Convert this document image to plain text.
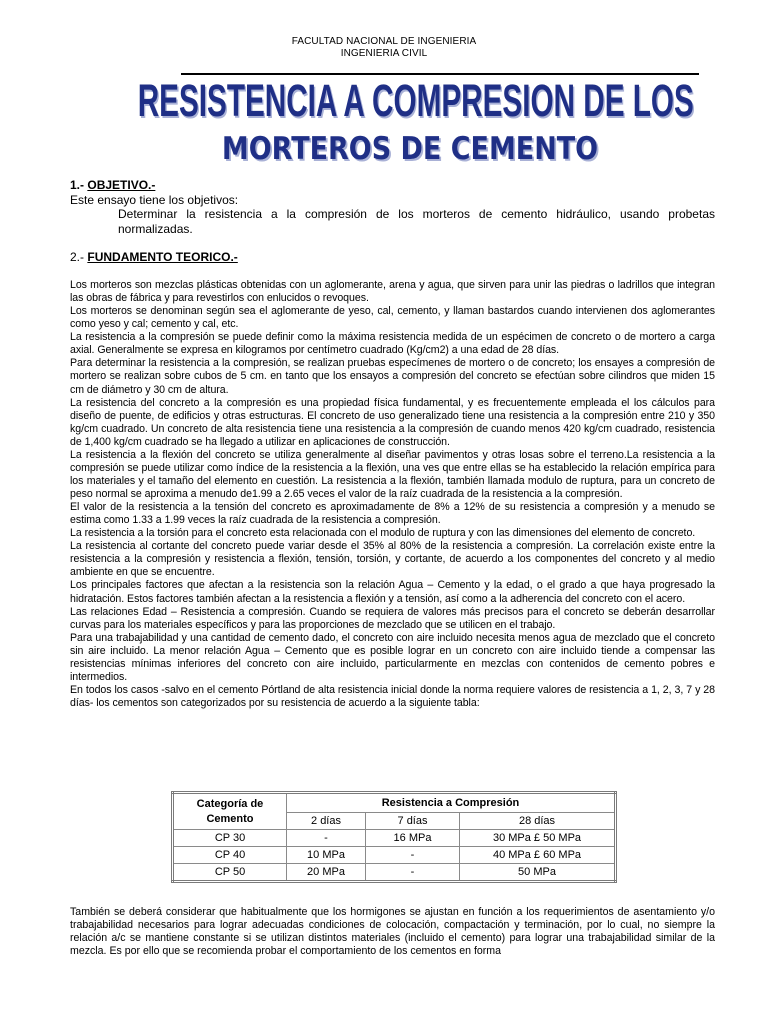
FACULTAD NACIONAL DE INGENIERIA
INGENIERIA CIVIL
RESISTENCIA A COMPRESION DE LOS
MORTEROS DE CEMENTO
1.- OBJETIVO.-
Este ensayo tiene los objetivos:
Determinar la resistencia a la compresión de los morteros de cemento hidráulico, usando probetas normalizadas.
2.- FUNDAMENTO TEORICO.-

Los morteros son mezclas plásticas obtenidas con un aglomerante, arena y agua, que sirven para unir las piedras o ladrillos que integran las obras de fábrica y para revestirlos con enlucidos o revoques.

Los morteros se denominan según sea el aglomerante de yeso, cal, cemento, y llaman bastardos cuando intervienen dos aglomerantes como yeso y cal; cemento y cal, etc.

La resistencia a la compresión se puede definir como la máxima resistencia medida de un espécimen de concreto o de mortero a carga axial. Generalmente se expresa en kilogramos por centímetro cuadrado (Kg/cm2) a una edad de 28 días.

Para determinar la resistencia a la compresión, se realizan pruebas especímenes de mortero o de concreto; los ensayes a compresión de mortero se realizan sobre cubos de 5 cm. en tanto que los ensayos a compresión del concreto se efectúan sobre cilindros que miden 15 cm de diámetro y 30 cm de altura.

La resistencia del concreto a la compresión es una propiedad física fundamental, y es frecuentemente empleada el los cálculos para diseño de puente, de edificios y otras estructuras. El concreto de uso generalizado tiene una resistencia a la compresión entre 210 y 350 kg/cm cuadrado. Un concreto de alta resistencia tiene una resistencia a la compresión de cuando menos 420 kg/cm cuadrado, resistencia de 1,400 kg/cm cuadrado se ha llegado a utilizar en aplicaciones de construcción.

La resistencia a la flexión del concreto se utiliza generalmente al diseñar pavimentos y otras losas sobre el terreno.La resistencia a la compresión se puede utilizar como índice de la resistencia a la flexión, una ves que entre ellas se ha establecido la relación empírica para los materiales y el tamaño del elemento en cuestión. La resistencia a la flexión, también llamada modulo de ruptura, para un concreto de peso normal se aproxima a menudo de1.99 a 2.65 veces el valor de la raíz cuadrada de la resistencia a la compresión.

El valor de la resistencia a la tensión del concreto es aproximadamente de 8% a 12% de su resistencia a compresión y a menudo se estima como 1.33 a 1.99 veces la raíz cuadrada de la resistencia a compresión.

La resistencia a la torsión para el concreto esta relacionada con el modulo de ruptura y con las dimensiones del elemento de concreto.

La resistencia al cortante del concreto puede variar desde el 35% al 80% de la resistencia a compresión. La correlación existe entre la resistencia a la compresión y resistencia a flexión, tensión, torsión, y cortante, de acuerdo a los componentes del concreto y al medio ambiente en que se encuentre.

Los principales factores que afectan a la resistencia son la relación Agua – Cemento y la edad, o el grado a que haya progresado la hidratación. Estos factores también afectan a la resistencia a flexión y a tensión, así como a la adherencia del concreto con el acero.

Las relaciones Edad – Resistencia a compresión. Cuando se requiera de valores más precisos para el concreto se deberán desarrollar curvas para los materiales específicos y para las proporciones de mezclado que se utilicen en el trabajo.

Para una trabajabilidad y una cantidad de cemento dado, el concreto con aire incluido necesita menos agua de mezclado que el concreto sin aire incluido. La menor relación Agua – Cemento que es posible lograr en un concreto con aire incluido tiende a compensar las resistencias mínimas inferiores del concreto con aire incluido, particularmente en mezclas con contenidos de cemento pobres e intermedios.

En todos los casos -salvo en el cemento Pórtland de alta resistencia inicial donde la norma requiere valores de resistencia a 1, 2, 3, 7 y 28 días- los cementos son categorizados por su resistencia de acuerdo a la siguiente tabla:

Categoría de Cemento	Resistencia a Compresión		
	2 días	7 días	28 días
CP 30	-	16 MPa	30 MPa £ 50 MPa
CP 40	10 MPa	-	40 MPa £ 60 MPa
CP 50	20 MPa	-	50 MPa

También se deberá considerar que habitualmente que los hormigones se ajustan en función a los requerimientos de asentamiento y/o trabajabilidad necesarios para lograr adecuadas condiciones de colocación, compactación y terminación, por lo cual, no siempre la relación a/c se mantiene constante si se utilizan distintos materiales (incluido el cemento) para lograr una trabajabilidad similar de la mezcla. Es por ello que se recomienda probar el comportamiento de los cementos en forma
